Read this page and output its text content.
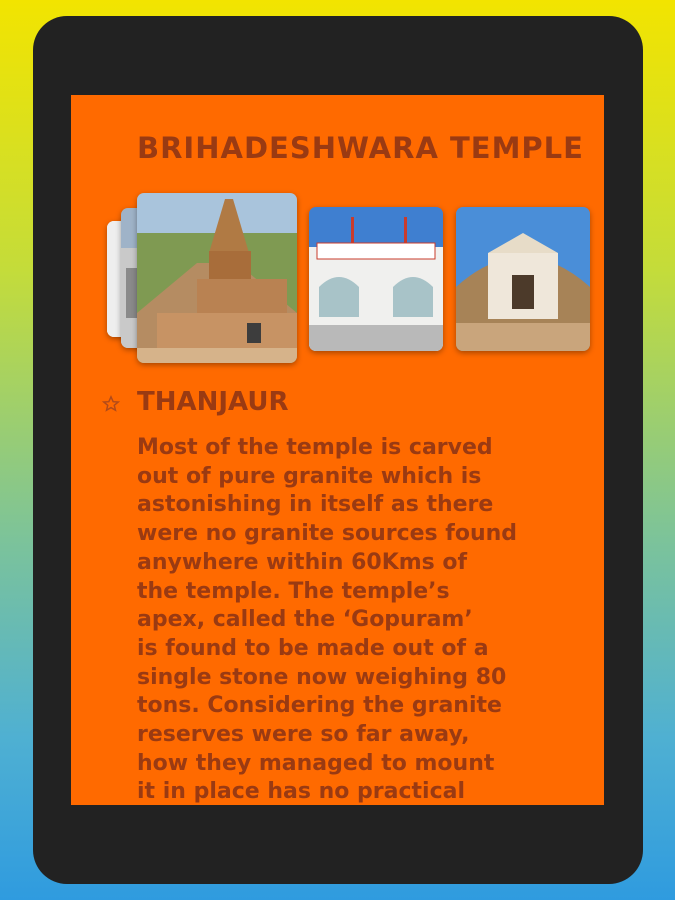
BRIHADESHWARA TEMPLE
THANJAUR
Most of the temple is carved
out of pure granite which is
astonishing in itself as there
were no granite sources found
anywhere within 60Kms of
the temple. The temple’s
apex, called the ‘Gopuram’
is found to be made out of a
single stone now weighing 80
tons. Considering the granite
reserves were so far away,
how they managed to mount
it in place has no practical
